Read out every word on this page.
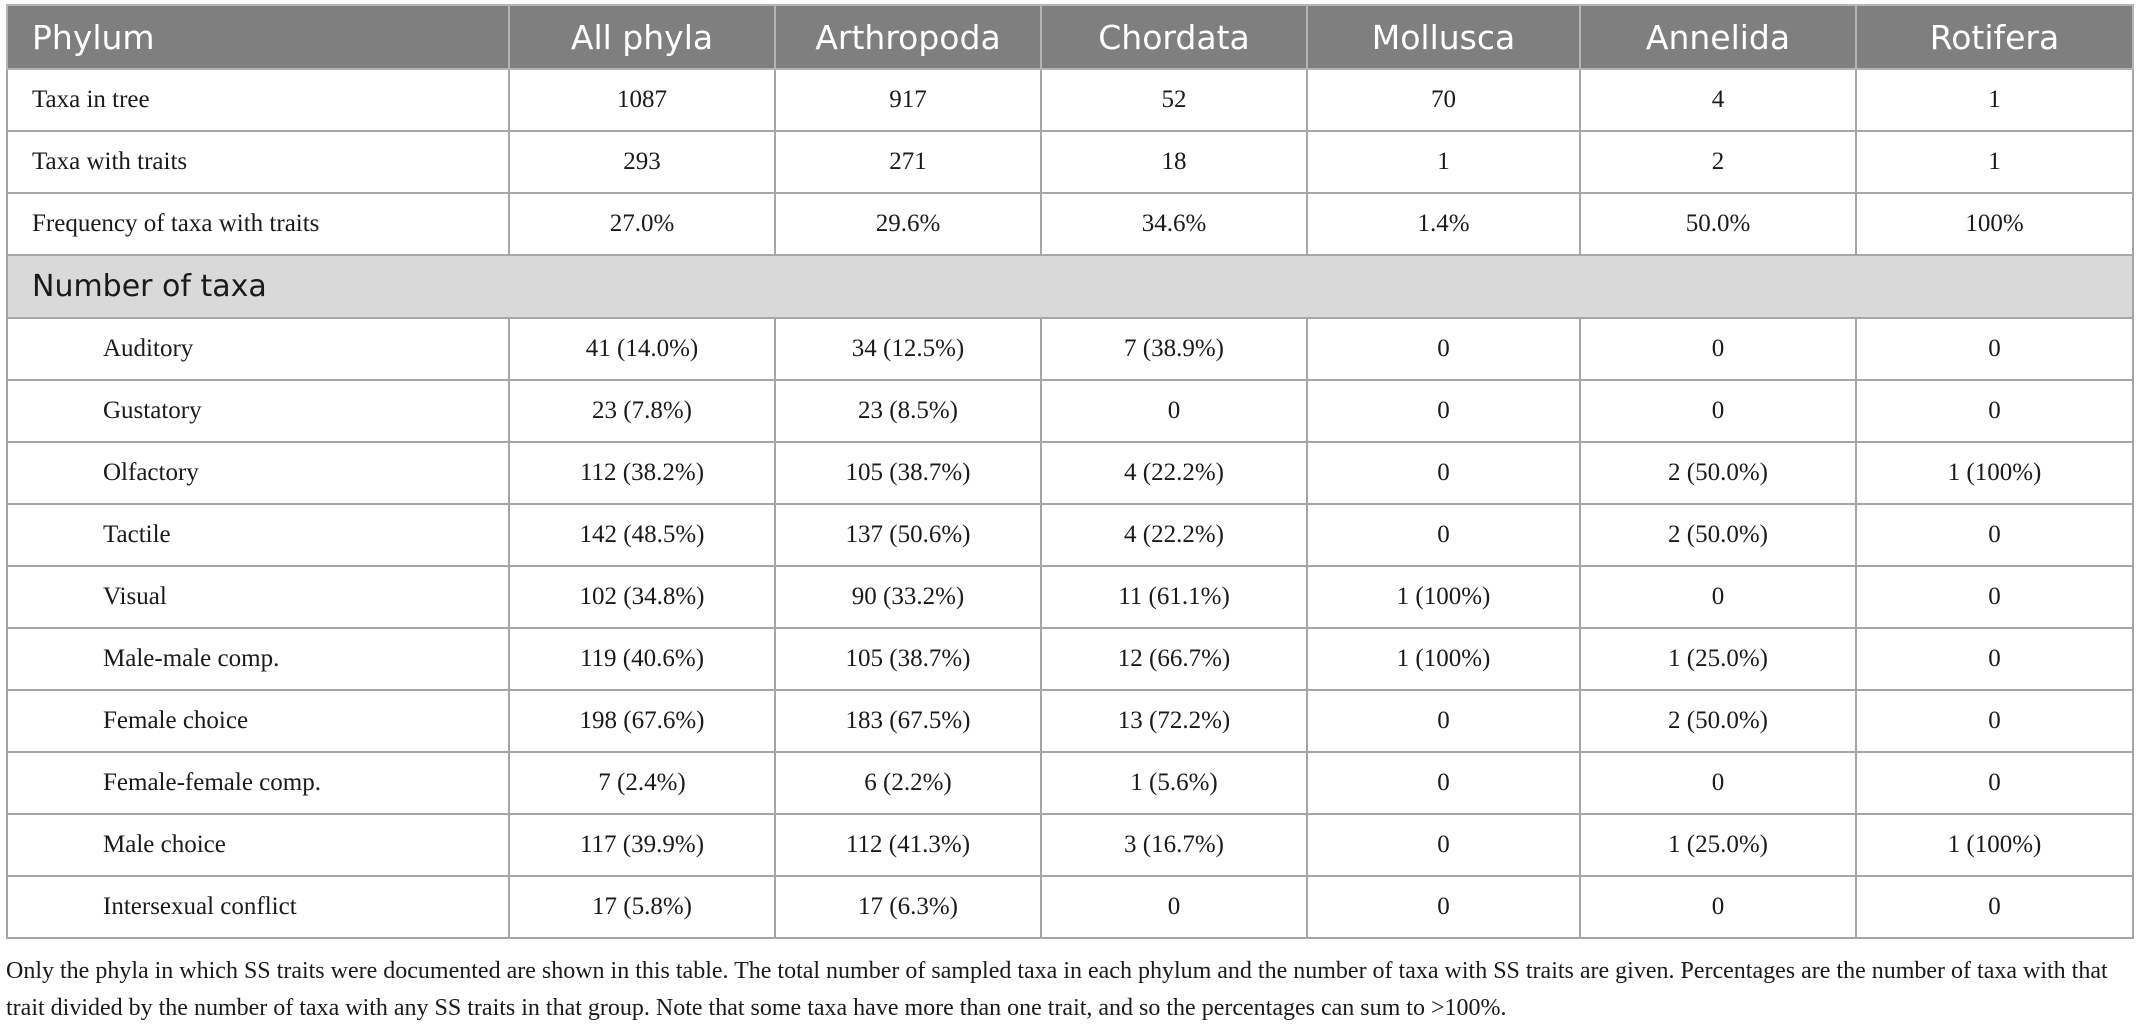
Phylum	All phyla	Arthropoda	Chordata	Mollusca	Annelida	Rotifera
Taxa in tree	1087	917	52	70	4	1
Taxa with traits	293	271	18	1	2	1
Frequency of taxa with traits	27.0%	29.6%	34.6%	1.4%	50.0%	100%
Number of taxa						
Auditory	41 (14.0%)	34 (12.5%)	7 (38.9%)	0	0	0
Gustatory	23 (7.8%)	23 (8.5%)	0	0	0	0
Olfactory	112 (38.2%)	105 (38.7%)	4 (22.2%)	0	2 (50.0%)	1 (100%)
Tactile	142 (48.5%)	137 (50.6%)	4 (22.2%)	0	2 (50.0%)	0
Visual	102 (34.8%)	90 (33.2%)	11 (61.1%)	1 (100%)	0	0
Male-male comp.	119 (40.6%)	105 (38.7%)	12 (66.7%)	1 (100%)	1 (25.0%)	0
Female choice	198 (67.6%)	183 (67.5%)	13 (72.2%)	0	2 (50.0%)	0
Female-female comp.	7 (2.4%)	6 (2.2%)	1 (5.6%)	0	0	0
Male choice	117 (39.9%)	112 (41.3%)	3 (16.7%)	0	1 (25.0%)	1 (100%)
Intersexual conflict	17 (5.8%)	17 (6.3%)	0	0	0	0
Only the phyla in which SS traits were documented are shown in this table. The total number of sampled taxa in each phylum and the number of taxa with SS traits are given. Percentages are the number of taxa with that trait divided by the number of taxa with any SS traits in that group. Note that some taxa have more than one trait, and so the percentages can sum to >100%.
